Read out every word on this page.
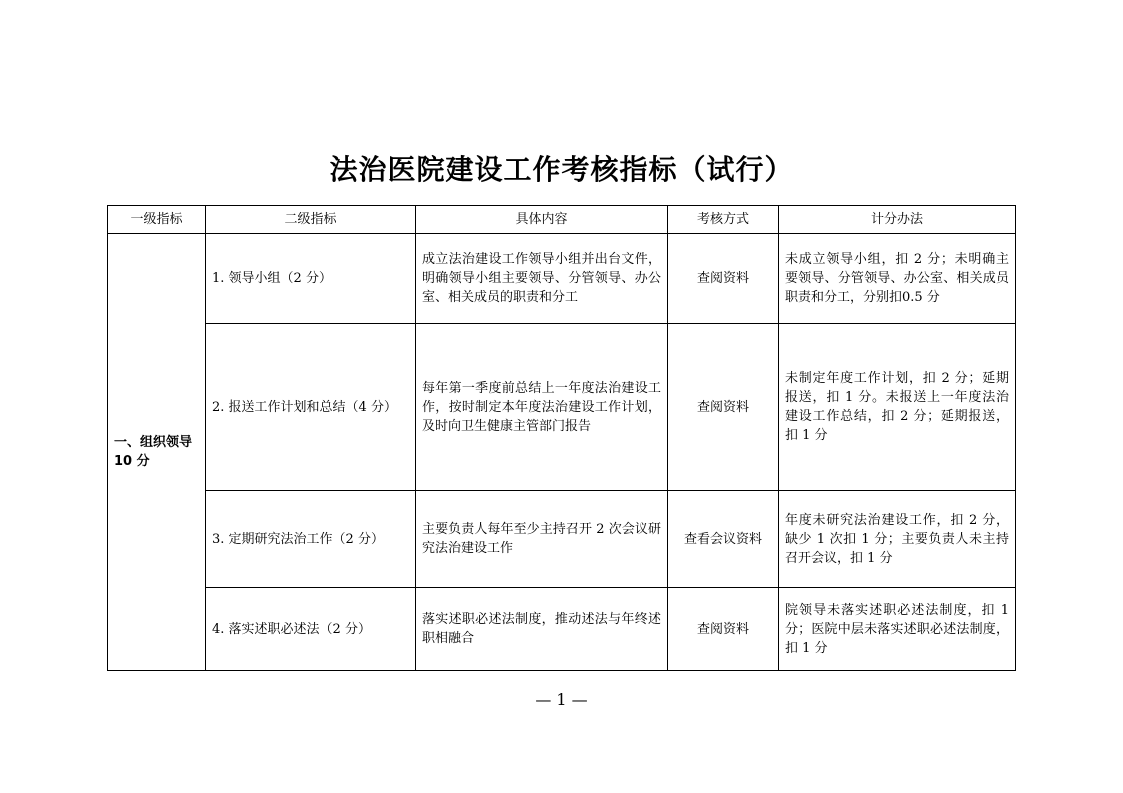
法治医院建设工作考核指标（试行）
一级指标	二级指标	具体内容	考核方式	计分办法
一、组织领导10 分	1. 领导小组（2 分）	成立法治建设工作领导小组并出台文件，明确领导小组主要领导、分管领导、办公室、相关成员的职责和分工	查阅资料	未成立领导小组，扣 2 分；未明确主要领导、分管领导、办公室、相关成员职责和分工，分别扣0.5 分
	2. 报送工作计划和总结（4 分）	每年第一季度前总结上一年度法治建设工作，按时制定本年度法治建设工作计划，及时向卫生健康主管部门报告	查阅资料	未制定年度工作计划，扣 2 分；延期报送，扣 1 分。未报送上一年度法治建设工作总结，扣 2 分；延期报送，扣 1 分
	3. 定期研究法治工作（2 分）	主要负责人每年至少主持召开 2 次会议研究法治建设工作	查看会议资料	年度未研究法治建设工作，扣 2 分，缺少 1 次扣 1 分；主要负责人未主持召开会议，扣 1 分
	4. 落实述职必述法（2 分）	落实述职必述法制度，推动述法与年终述职相融合	查阅资料	院领导未落实述职必述法制度，扣 1 分；医院中层未落实述职必述法制度，扣 1 分
— 1 —
